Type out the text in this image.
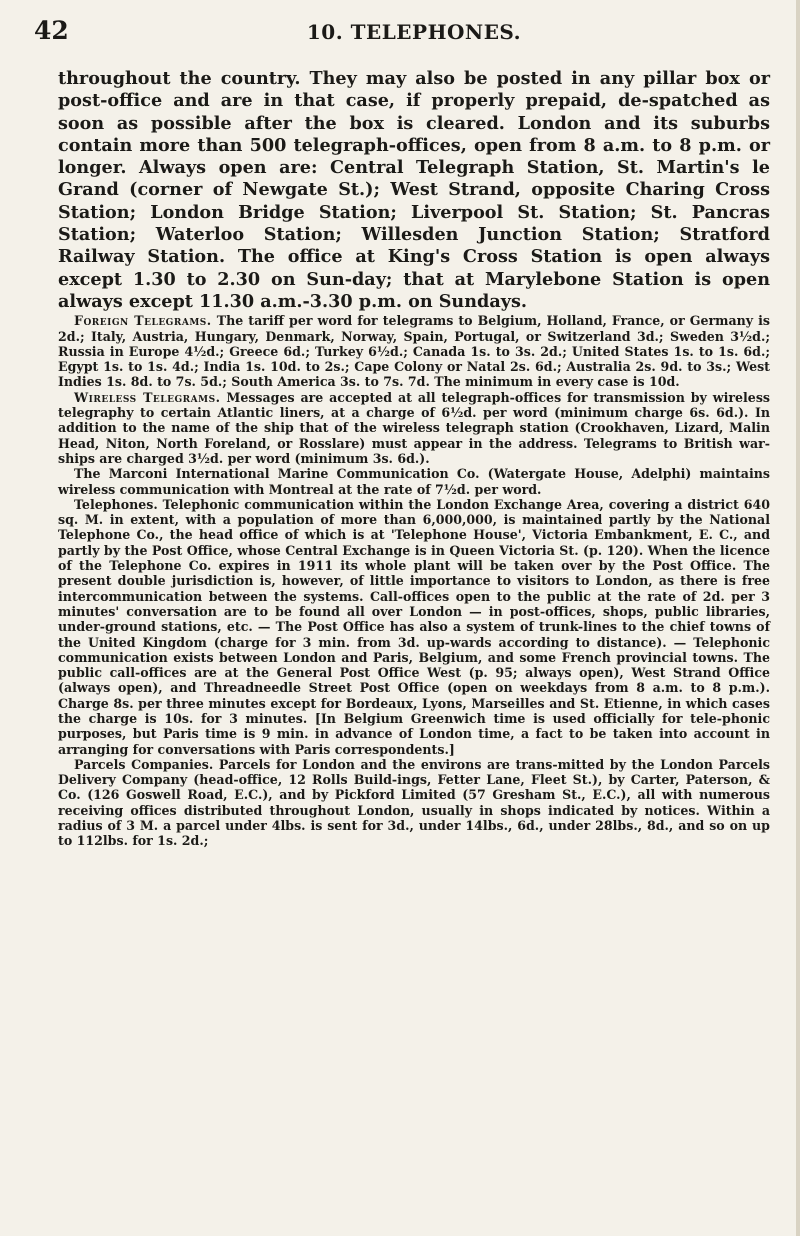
42	10. TELEPHONES.

throughout the country. They may also be posted in any pillar box or post-office and are in that case, if properly prepaid, de-spatched as soon as possible after the box is cleared. London and its suburbs contain more than 500 telegraph-offices, open from 8 a.m. to 8 p.m. or longer. Always open are: Central Telegraph Station, St. Martin's le Grand (corner of Newgate St.); West Strand, opposite Charing Cross Station; London Bridge Station; Liverpool St. Station; St. Pancras Station; Waterloo Station; Willesden Junction Station; Stratford Railway Station. The office at King's Cross Station is open always except 1.30 to 2.30 on Sun-day; that at Marylebone Station is open always except 11.30 a.m.-3.30 p.m. on Sundays.

Foreign Telegrams. The tariff per word for telegrams to Belgium, Holland, France, or Germany is 2d.; Italy, Austria, Hungary, Denmark, Norway, Spain, Portugal, or Switzerland 3d.; Sweden 3½d.; Russia in Europe 4½d.; Greece 6d.; Turkey 6½d.; Canada 1s. to 3s. 2d.; United States 1s. to 1s. 6d.; Egypt 1s. to 1s. 4d.; India 1s. 10d. to 2s.; Cape Colony or Natal 2s. 6d.; Australia 2s. 9d. to 3s.; West Indies 1s. 8d. to 7s. 5d.; South America 3s. to 7s. 7d. The minimum in every case is 10d.

Wireless Telegrams. Messages are accepted at all telegraph-offices for transmission by wireless telegraphy to certain Atlantic liners, at a charge of 6½d. per word (minimum charge 6s. 6d.). In addition to the name of the ship that of the wireless telegraph station (Crookhaven, Lizard, Malin Head, Niton, North Foreland, or Rosslare) must appear in the address. Telegrams to British war-ships are charged 3½d. per word (minimum 3s. 6d.).

The Marconi International Marine Communication Co. (Watergate House, Adelphi) maintains wireless communication with Montreal at the rate of 7½d. per word.

Telephones. Telephonic communication within the London Exchange Area, covering a district 640 sq. M. in extent, with a population of more than 6,000,000, is maintained partly by the National Telephone Co., the head office of which is at 'Telephone House', Victoria Embankment, E. C., and partly by the Post Office, whose Central Exchange is in Queen Victoria St. (p. 120). When the licence of the Telephone Co. expires in 1911 its whole plant will be taken over by the Post Office. The present double jurisdiction is, however, of little importance to visitors to London, as there is free intercommunication between the systems. Call-offices open to the public at the rate of 2d. per 3 minutes' conversation are to be found all over London — in post-offices, shops, public libraries, under-ground stations, etc. — The Post Office has also a system of trunk-lines to the chief towns of the United Kingdom (charge for 3 min. from 3d. up-wards according to distance). — Telephonic communication exists between London and Paris, Belgium, and some French provincial towns. The public call-offices are at the General Post Office West (p. 95; always open), West Strand Office (always open), and Threadneedle Street Post Office (open on weekdays from 8 a.m. to 8 p.m.). Charge 8s. per three minutes except for Bordeaux, Lyons, Marseilles and St. Etienne, in which cases the charge is 10s. for 3 minutes. [In Belgium Greenwich time is used officially for tele-phonic purposes, but Paris time is 9 min. in advance of London time, a fact to be taken into account in arranging for conversations with Paris correspondents.]

Parcels Companies. Parcels for London and the environs are trans-mitted by the London Parcels Delivery Company (head-office, 12 Rolls Build-ings, Fetter Lane, Fleet St.), by Carter, Paterson, & Co. (126 Goswell Road, E.C.), and by Pickford Limited (57 Gresham St., E.C.), all with numerous receiving offices distributed throughout London, usually in shops indicated by notices. Within a radius of 3 M. a parcel under 4lbs. is sent for 3d., under 14lbs., 6d., under 28lbs., 8d., and so on up to 112lbs. for 1s. 2d.;
